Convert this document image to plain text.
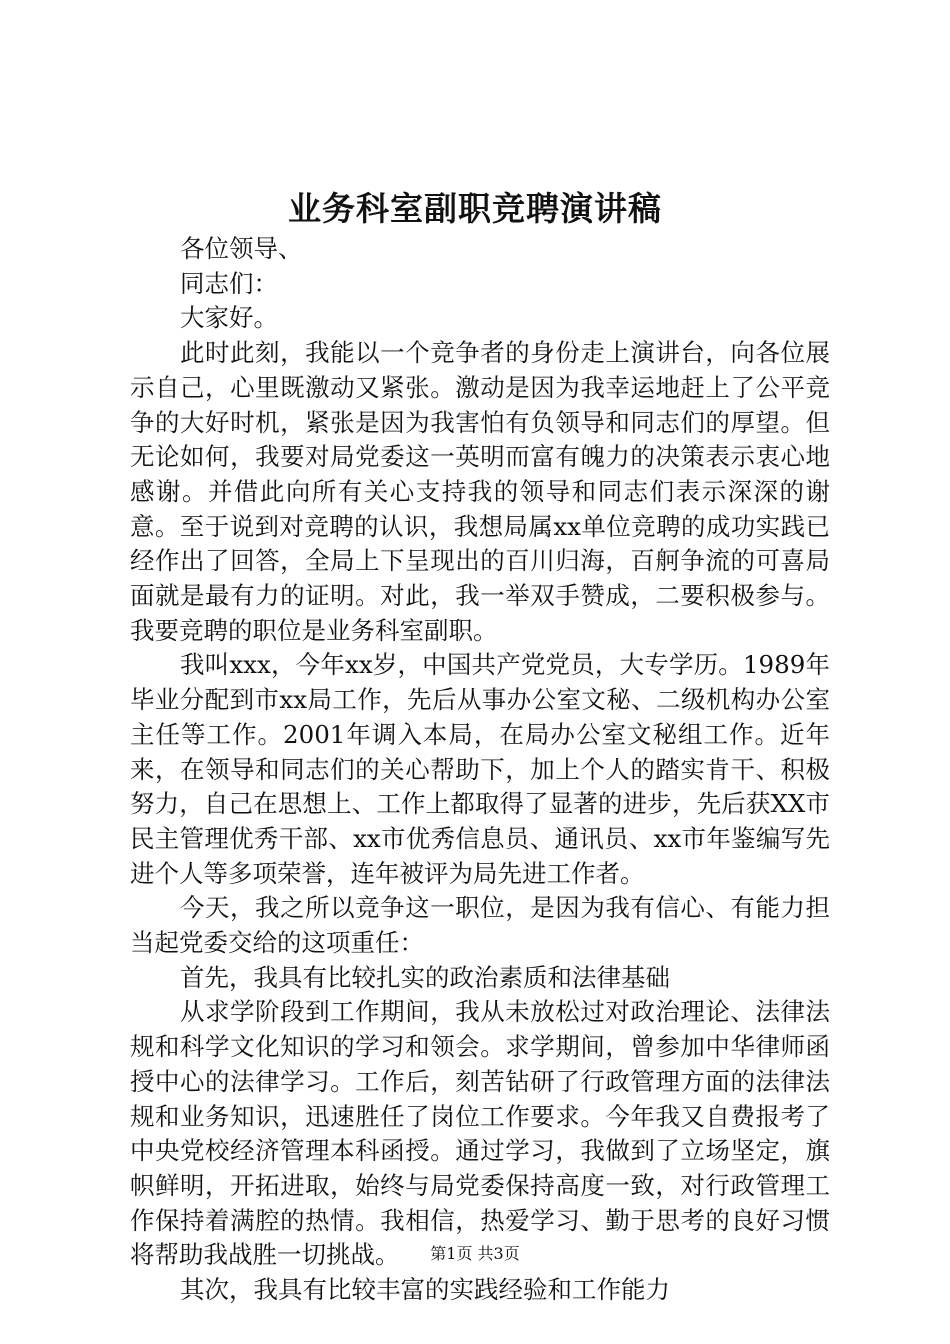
业务科室副职竞聘演讲稿

各位领导、

同志们：

大家好。

此时此刻，我能以一个竞争者的身份走上演讲台，向各位展示自己，心里既激动又紧张。激动是因为我幸运地赶上了公平竞争的大好时机，紧张是因为我害怕有负领导和同志们的厚望。但无论如何，我要对局党委这一英明而富有魄力的决策表示衷心地感谢。并借此向所有关心支持我的领导和同志们表示深深的谢意。至于说到对竞聘的认识，我想局属xx单位竞聘的成功实践已经作出了回答，全局上下呈现出的百川归海，百舸争流的可喜局面就是最有力的证明。对此，我一举双手赞成，二要积极参与。我要竞聘的职位是业务科室副职。

我叫xxx，今年xx岁，中国共产党党员，大专学历。1989年毕业分配到市xx局工作，先后从事办公室文秘、二级机构办公室主任等工作。2001年调入本局，在局办公室文秘组工作。近年来，在领导和同志们的关心帮助下，加上个人的踏实肯干、积极努力，自己在思想上、工作上都取得了显著的进步，先后获XX市民主管理优秀干部、xx市优秀信息员、通讯员、xx市年鉴编写先进个人等多项荣誉，连年被评为局先进工作者。

今天，我之所以竞争这一职位，是因为我有信心、有能力担当起党委交给的这项重任：

首先，我具有比较扎实的政治素质和法律基础

从求学阶段到工作期间，我从未放松过对政治理论、法律法规和科学文化知识的学习和领会。求学期间，曾参加中华律师函授中心的法律学习。工作后，刻苦钻研了行政管理方面的法律法规和业务知识，迅速胜任了岗位工作要求。今年我又自费报考了中央党校经济管理本科函授。通过学习，我做到了立场坚定，旗帜鲜明，开拓进取，始终与局党委保持高度一致，对行政管理工作保持着满腔的热情。我相信，热爱学习、勤于思考的良好习惯将帮助我战胜一切挑战。

其次，我具有比较丰富的实践经验和工作能力

第1页 共3页
